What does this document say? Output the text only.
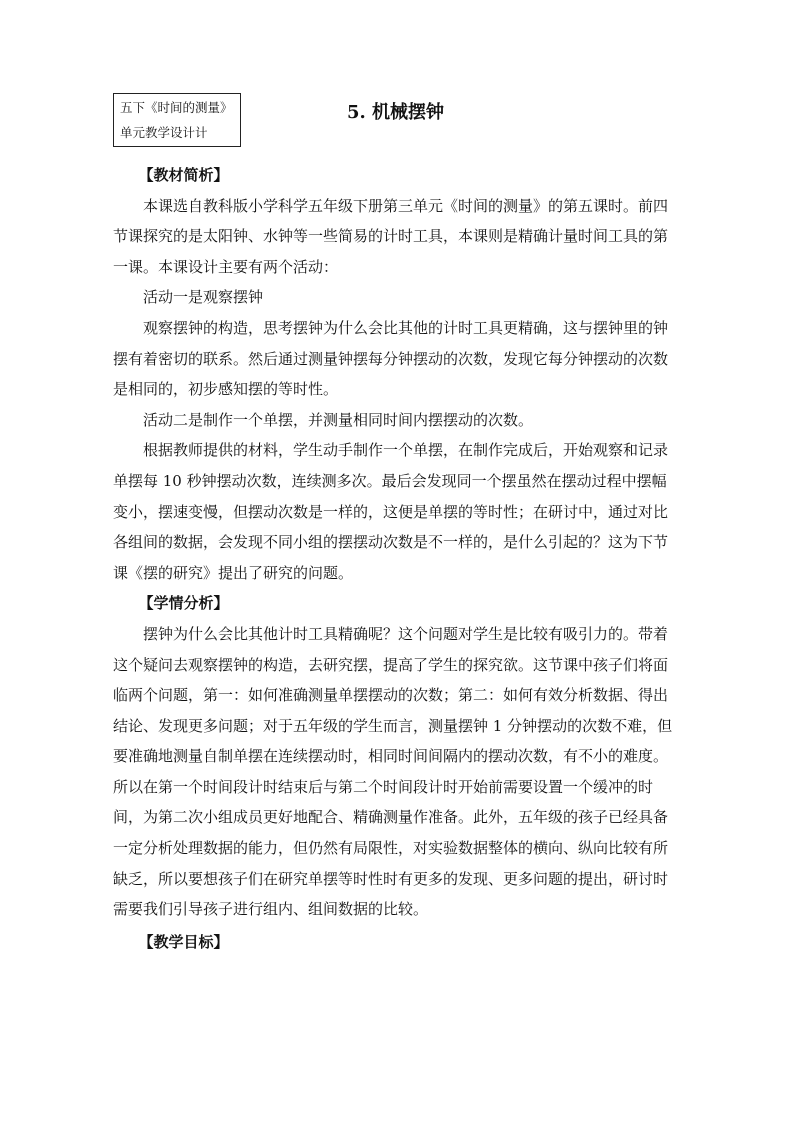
五下《时间的测量》
单元教学设计计
5. 机械摆钟

【教材简析】

本课选自教科版小学科学五年级下册第三单元《时间的测量》的第五课时。前四节课探究的是太阳钟、水钟等一些简易的计时工具，本课则是精确计量时间工具的第一课。本课设计主要有两个活动：

活动一是观察摆钟

观察摆钟的构造，思考摆钟为什么会比其他的计时工具更精确，这与摆钟里的钟摆有着密切的联系。然后通过测量钟摆每分钟摆动的次数，发现它每分钟摆动的次数是相同的，初步感知摆的等时性。

活动二是制作一个单摆，并测量相同时间内摆摆动的次数。

根据教师提供的材料，学生动手制作一个单摆，在制作完成后，开始观察和记录单摆每 10 秒钟摆动次数，连续测多次。最后会发现同一个摆虽然在摆动过程中摆幅变小，摆速变慢，但摆动次数是一样的，这便是单摆的等时性；在研讨中，通过对比各组间的数据，会发现不同小组的摆摆动次数是不一样的，是什么引起的？这为下节课《摆的研究》提出了研究的问题。

【学情分析】

摆钟为什么会比其他计时工具精确呢？这个问题对学生是比较有吸引力的。带着这个疑问去观察摆钟的构造，去研究摆，提高了学生的探究欲。这节课中孩子们将面临两个问题，第一：如何准确测量单摆摆动的次数；第二：如何有效分析数据、得出结论、发现更多问题；对于五年级的学生而言，测量摆钟 1 分钟摆动的次数不难，但要准确地测量自制单摆在连续摆动时，相同时间间隔内的摆动次数，有不小的难度。所以在第一个时间段计时结束后与第二个时间段计时开始前需要设置一个缓冲的时间，为第二次小组成员更好地配合、精确测量作准备。此外，五年级的孩子已经具备一定分析处理数据的能力，但仍然有局限性，对实验数据整体的横向、纵向比较有所缺乏，所以要想孩子们在研究单摆等时性时有更多的发现、更多问题的提出，研讨时需要我们引导孩子进行组内、组间数据的比较。

【教学目标】
